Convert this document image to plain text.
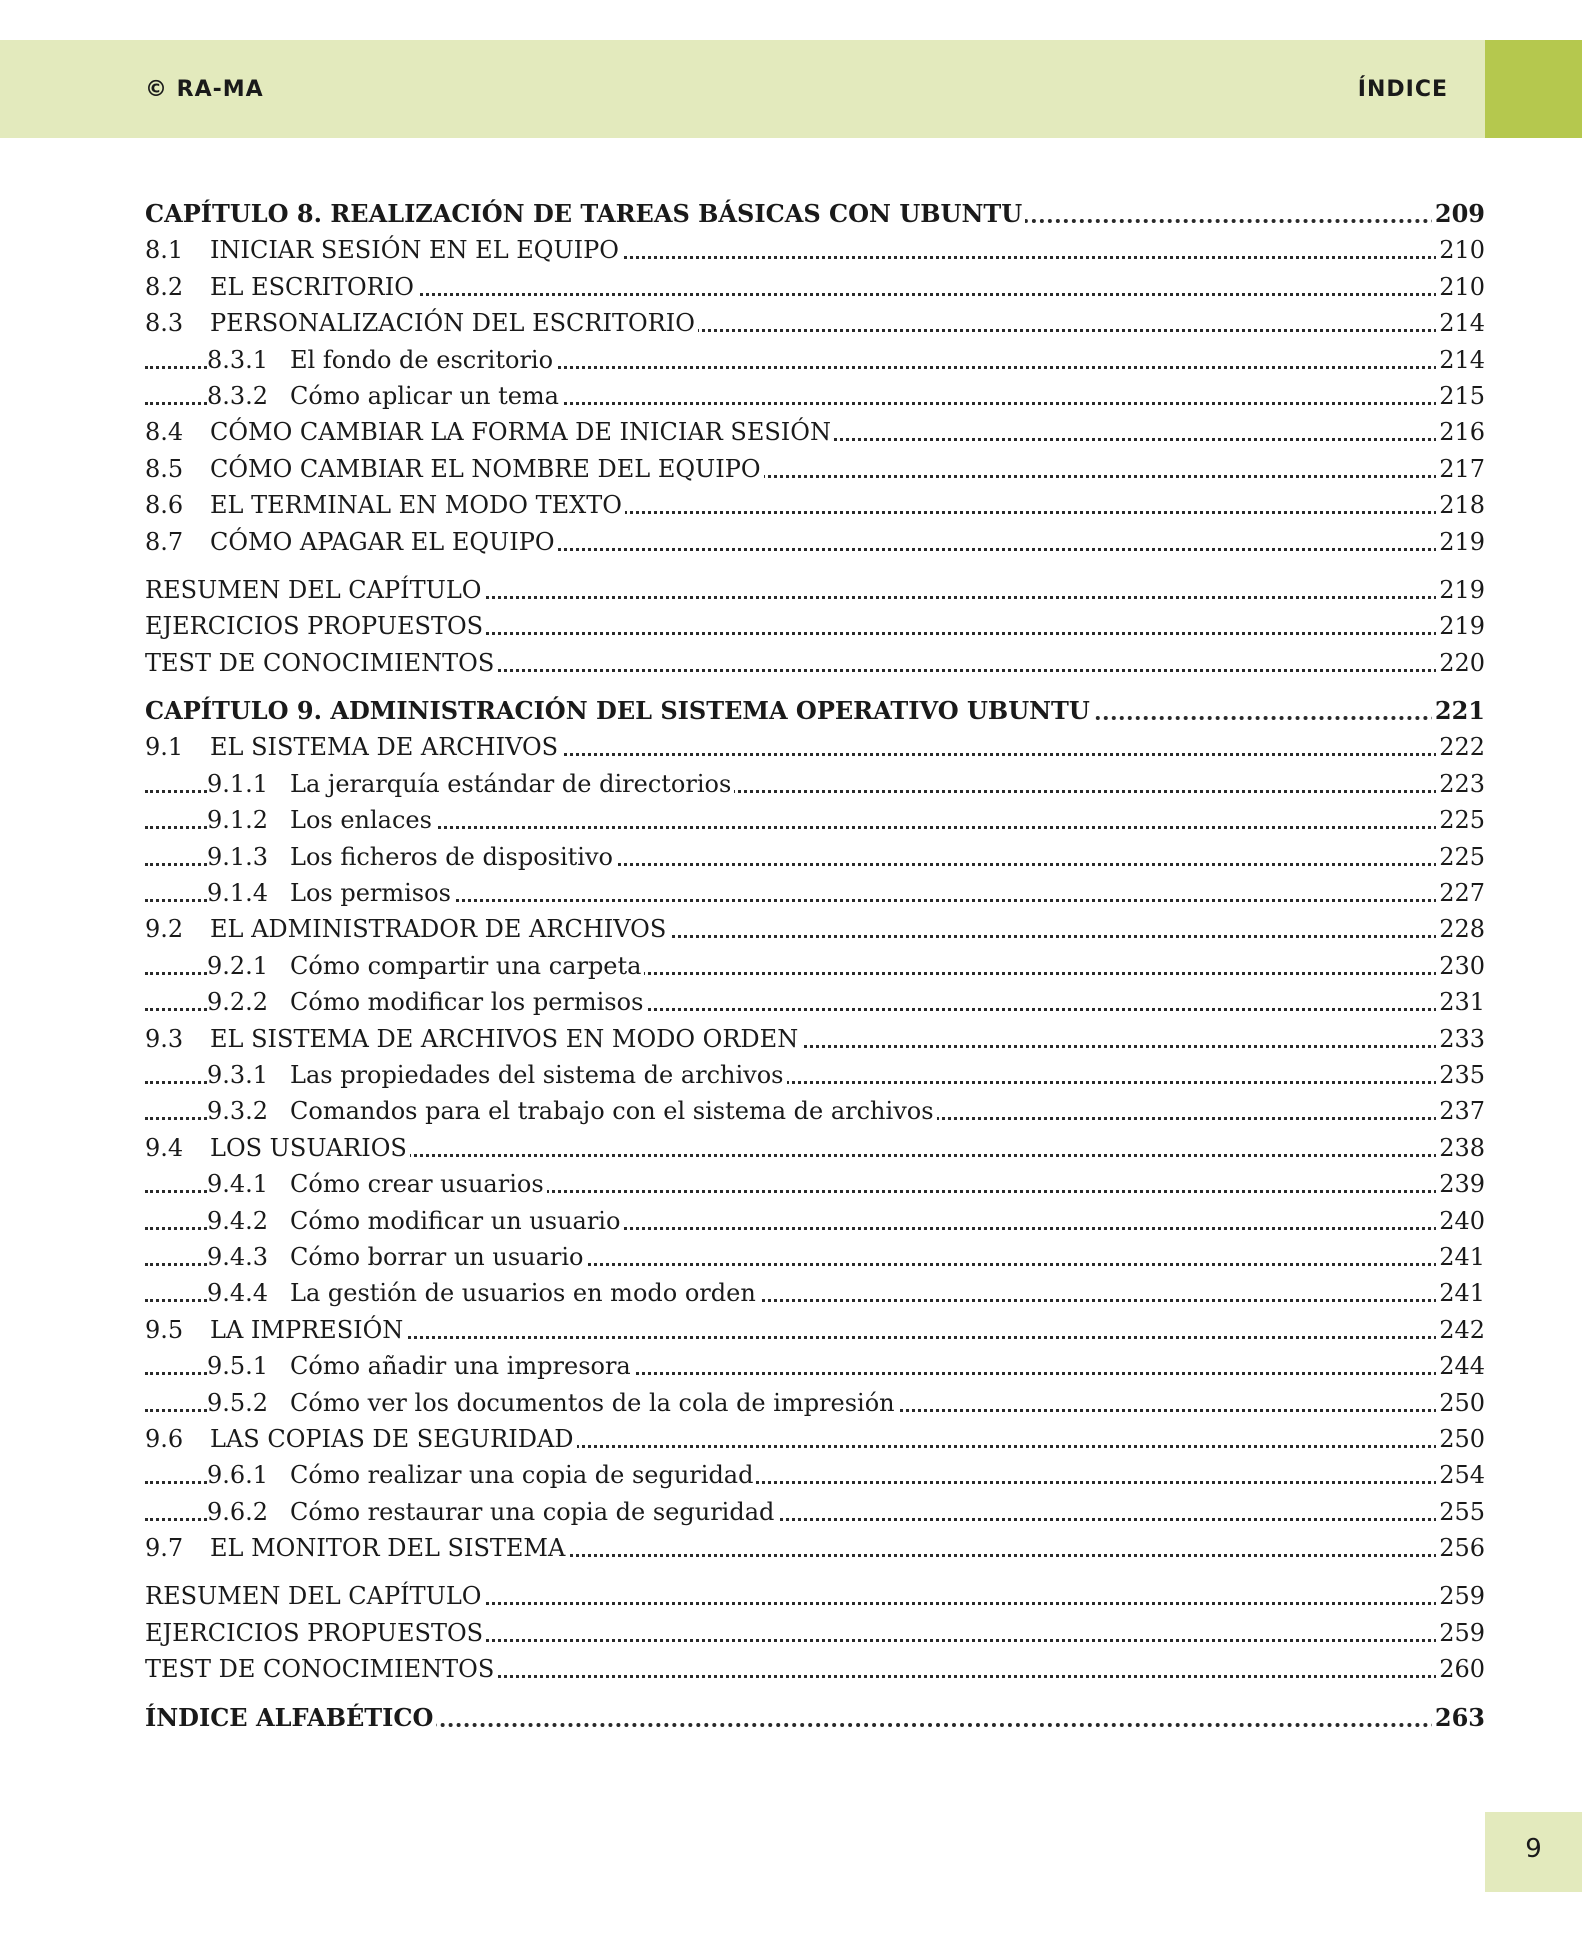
© RA-MA	ÍNDICE
CAPÍTULO 8. REALIZACIÓN DE TAREAS BÁSICAS CON UBUNTU	209
8.1 INICIAR SESIÓN EN EL EQUIPO	210
8.2 EL ESCRITORIO	210
8.3 PERSONALIZACIÓN DEL ESCRITORIO	214
8.3.1 El fondo de escritorio	214
8.3.2 Cómo aplicar un tema	215
8.4 CÓMO CAMBIAR LA FORMA DE INICIAR SESIÓN	216
8.5 CÓMO CAMBIAR EL NOMBRE DEL EQUIPO	217
8.6 EL TERMINAL EN MODO TEXTO	218
8.7 CÓMO APAGAR EL EQUIPO	219
RESUMEN DEL CAPÍTULO	219
EJERCICIOS PROPUESTOS	219
TEST DE CONOCIMIENTOS	220
CAPÍTULO 9. ADMINISTRACIÓN DEL SISTEMA OPERATIVO UBUNTU	221
9.1 EL SISTEMA DE ARCHIVOS	222
9.1.1 La jerarquía estándar de directorios	223
9.1.2 Los enlaces	225
9.1.3 Los ficheros de dispositivo	225
9.1.4 Los permisos	227
9.2 EL ADMINISTRADOR DE ARCHIVOS	228
9.2.1 Cómo compartir una carpeta	230
9.2.2 Cómo modificar los permisos	231
9.3 EL SISTEMA DE ARCHIVOS EN MODO ORDEN	233
9.3.1 Las propiedades del sistema de archivos	235
9.3.2 Comandos para el trabajo con el sistema de archivos	237
9.4 LOS USUARIOS	238
9.4.1 Cómo crear usuarios	239
9.4.2 Cómo modificar un usuario	240
9.4.3 Cómo borrar un usuario	241
9.4.4 La gestión de usuarios en modo orden	241
9.5 LA IMPRESIÓN	242
9.5.1 Cómo añadir una impresora	244
9.5.2 Cómo ver los documentos de la cola de impresión	250
9.6 LAS COPIAS DE SEGURIDAD	250
9.6.1 Cómo realizar una copia de seguridad	254
9.6.2 Cómo restaurar una copia de seguridad	255
9.7 EL MONITOR DEL SISTEMA	256
RESUMEN DEL CAPÍTULO	259
EJERCICIOS PROPUESTOS	259
TEST DE CONOCIMIENTOS	260
ÍNDICE ALFABÉTICO	263
9
